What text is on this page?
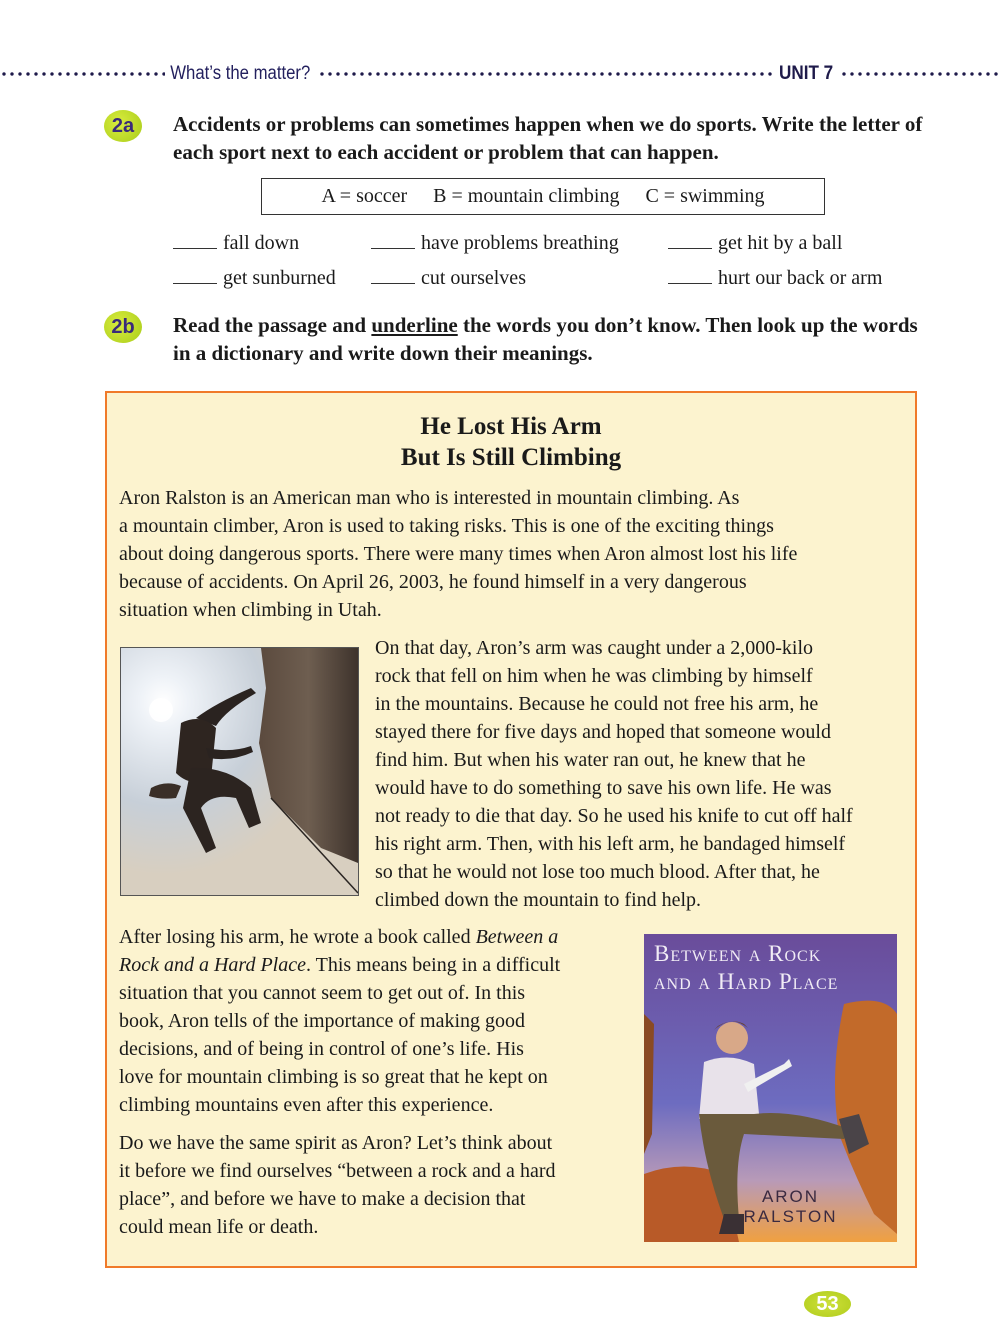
What’s the matter?	UNIT 7
2a	Accidents or problems can sometimes happen when we do sports. Write the letter of each sport next to each accident or problem that can happen.
A = soccer B = mountain climbing C = swimming
fall down	have problems breathing	get hit by a ball
get sunburned	cut ourselves	hurt our back or arm
2b	Read the passage and underline the words you don’t know. Then look up the words in a dictionary and write down their meanings.
He Lost His Arm
But Is Still Climbing
Aron Ralston is an American man who is interested in mountain climbing. As
a mountain climber, Aron is used to taking risks. This is one of the exciting things
about doing dangerous sports. There were many times when Aron almost lost his life
because of accidents. On April 26, 2003, he found himself in a very dangerous
situation when climbing in Utah.
On that day, Aron’s arm was caught under a 2,000-kilo
rock that fell on him when he was climbing by himself
in the mountains. Because he could not free his arm, he
stayed there for five days and hoped that someone would
find him. But when his water ran out, he knew that he
would have to do something to save his own life. He was
not ready to die that day. So he used his knife to cut off half
his right arm. Then, with his left arm, he bandaged himself
so that he would not lose too much blood. After that, he
climbed down the mountain to find help.
After losing his arm, he wrote a book called Between a
Rock and a Hard Place. This means being in a difficult
situation that you cannot seem to get out of. In this
book, Aron tells of the importance of making good
decisions, and of being in control of one’s life. His
love for mountain climbing is so great that he kept on
climbing mountains even after this experience.
Do we have the same spirit as Aron? Let’s think about
it before we find ourselves “between a rock and a hard
place”, and before we have to make a decision that
could mean life or death.
Between a Rock
and a Hard Place
ARON
RALSTON
53
